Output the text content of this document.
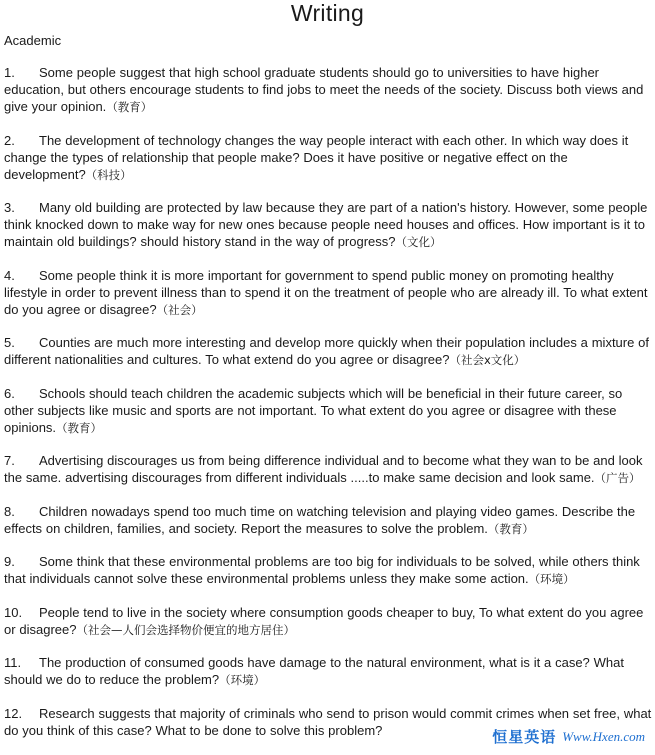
Writing
Academic

1. Some people suggest that high school graduate students should go to universities to have higher education, but others encourage students to find jobs to meet the needs of the society. Discuss both views and give your opinion.（教育）

2. The development of technology changes the way people interact with each other. In which way does it change the types of relationship that people make? Does it have positive or negative effect on the development?（科技）

3. Many old building are protected by law because they are part of a nation's history. However, some people think knocked down to make way for new ones because people need houses and offices. How important is it to maintain old buildings? should history stand in the way of progress?（文化）

4. Some people think it is more important for government to spend public money on promoting healthy lifestyle in order to prevent illness than to spend it on the treatment of people who are already ill. To what extent do you agree or disagree?（社会）

5. Counties are much more interesting and develop more quickly when their population includes a mixture of different nationalities and cultures. To what extend do you agree or disagree?（社会x文化）

6. Schools should teach children the academic subjects which will be beneficial in their future career, so other subjects like music and sports are not important. To what extent do you agree or disagree with these opinions.（教育）

7. Advertising discourages us from being difference individual and to become what they wan to be and look the same. advertising discourages from different individuals .....to make same decision and look same.（广告）

8. Children nowadays spend too much time on watching television and playing video games. Describe the effects on children, families, and society. Report the measures to solve the problem.（教育）

9. Some think that these environmental problems are too big for individuals to be solved, while others think that individuals cannot solve these environmental problems unless they make some action.（环境）

10. People tend to live in the society where consumption goods cheaper to buy, To what extent do you agree or disagree?（社会—人们会选择物价便宜的地方居住）

11. The production of consumed goods have damage to the natural environment, what is it a case? What should we do to reduce the problem?（环境）

12. Research suggests that majority of criminals who send to prison would commit crimes when set free, what do you think of this case? What to be done to solve this problem?	恒星英语 Www.Hxen.com
